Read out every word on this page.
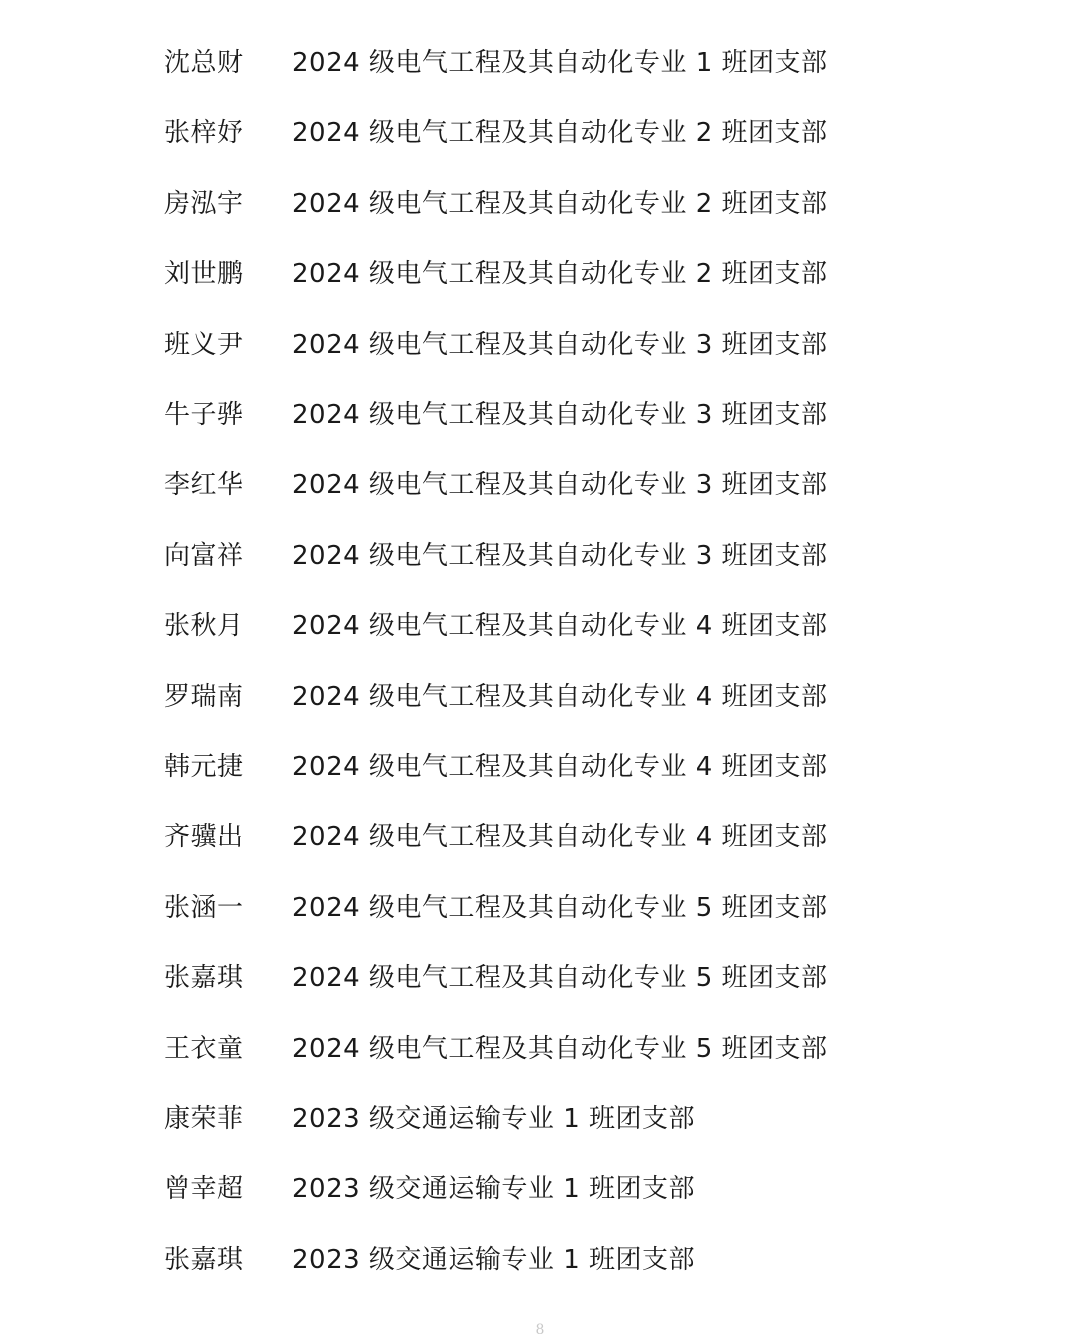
沈总财 2024 级电气工程及其自动化专业 1 班团支部
张梓妤 2024 级电气工程及其自动化专业 2 班团支部
房泓宇 2024 级电气工程及其自动化专业 2 班团支部
刘世鹏 2024 级电气工程及其自动化专业 2 班团支部
班义尹 2024 级电气工程及其自动化专业 3 班团支部
牛子骅 2024 级电气工程及其自动化专业 3 班团支部
李红华 2024 级电气工程及其自动化专业 3 班团支部
向富祥 2024 级电气工程及其自动化专业 3 班团支部
张秋月 2024 级电气工程及其自动化专业 4 班团支部
罗瑞南 2024 级电气工程及其自动化专业 4 班团支部
韩元捷 2024 级电气工程及其自动化专业 4 班团支部
齐骥出 2024 级电气工程及其自动化专业 4 班团支部
张涵一 2024 级电气工程及其自动化专业 5 班团支部
张嘉琪 2024 级电气工程及其自动化专业 5 班团支部
王衣童 2024 级电气工程及其自动化专业 5 班团支部
康荣菲 2023 级交通运输专业 1 班团支部
曾幸超 2023 级交通运输专业 1 班团支部
张嘉琪 2023 级交通运输专业 1 班团支部
8
